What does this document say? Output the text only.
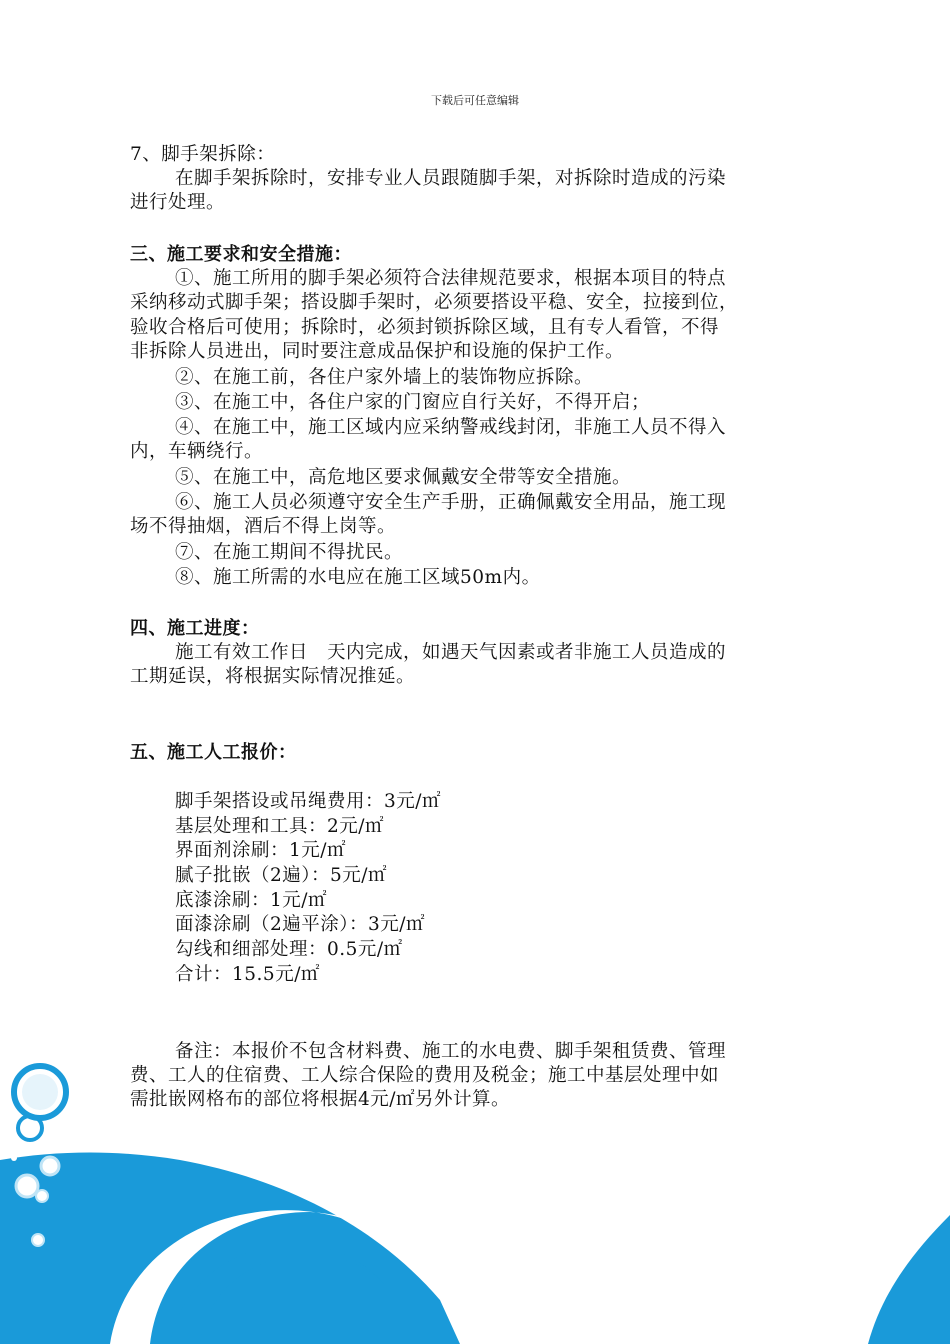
下载后可任意编辑
7、脚手架拆除：
在脚手架拆除时，安排专业人员跟随脚手架，对拆除时造成的污染
进行处理。
三、施工要求和安全措施：
①、施工所用的脚手架必须符合法律规范要求，根据本项目的特点
采纳移动式脚手架；搭设脚手架时，必须要搭设平稳、安全，拉接到位，
验收合格后可使用；拆除时，必须封锁拆除区域，且有专人看管，不得
非拆除人员进出，同时要注意成品保护和设施的保护工作。
②、在施工前，各住户家外墙上的装饰物应拆除。
③、在施工中，各住户家的门窗应自行关好，不得开启；
④、在施工中，施工区域内应采纳警戒线封闭，非施工人员不得入
内，车辆绕行。
⑤、在施工中，高危地区要求佩戴安全带等安全措施。
⑥、施工人员必须遵守安全生产手册，正确佩戴安全用品，施工现
场不得抽烟，酒后不得上岗等。
⑦、在施工期间不得扰民。
⑧、施工所需的水电应在施工区域50m内。
四、施工进度：
施工有效工作日　天内完成，如遇天气因素或者非施工人员造成的
工期延误，将根据实际情况推延。
五、施工人工报价：
脚手架搭设或吊绳费用：3元/㎡
基层处理和工具：2元/㎡
界面剂涂刷：1元/㎡
腻子批嵌（2遍）：5元/㎡
底漆涂刷：1元/㎡
面漆涂刷（2遍平涂）：3元/㎡
勾线和细部处理：0.5元/㎡
合计：15.5元/㎡
备注：本报价不包含材料费、施工的水电费、脚手架租赁费、管理
费、工人的住宿费、工人综合保险的费用及税金；施工中基层处理中如
需批嵌网格布的部位将根据4元/㎡另外计算。
